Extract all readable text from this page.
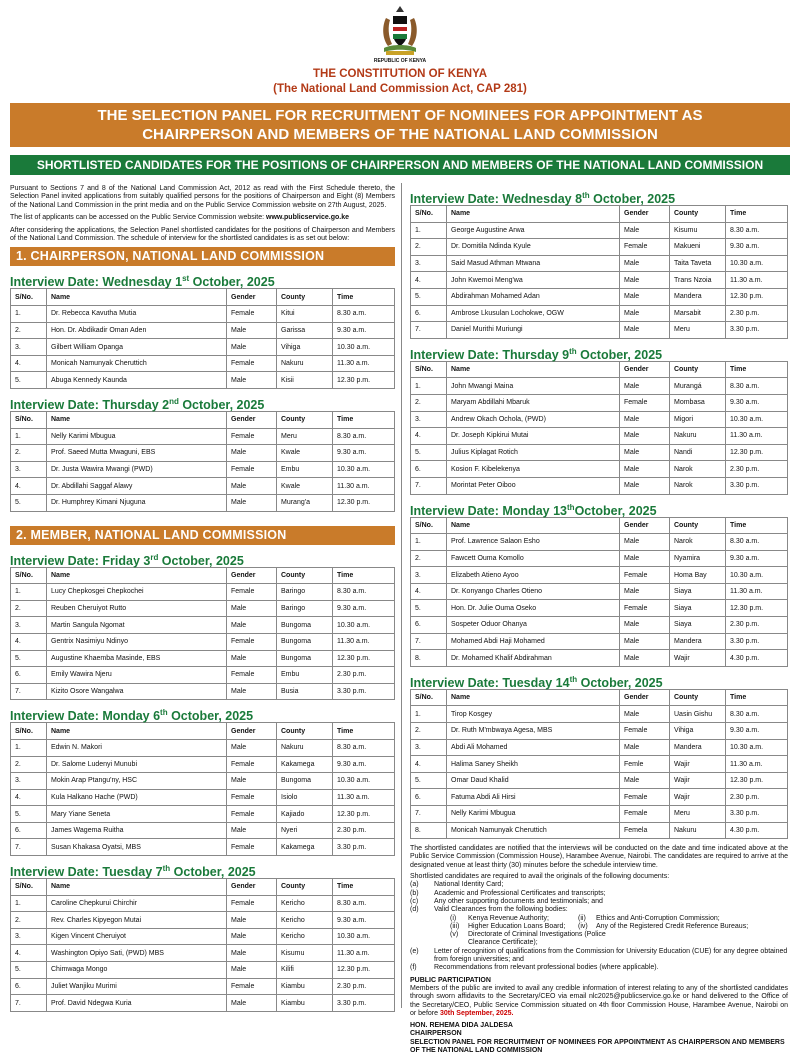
REPUBLIC OF KENYA
THE CONSTITUTION OF KENYA
(The National Land Commission Act, CAP 281)
THE SELECTION PANEL FOR RECRUITMENT OF NOMINEES FOR APPOINTMENT AS
CHAIRPERSON AND MEMBERS OF THE NATIONAL LAND COMMISSION
SHORTLISTED CANDIDATES FOR THE POSITIONS OF CHAIRPERSON AND MEMBERS OF THE NATIONAL LAND COMMISSION

Pursuant to Sections 7 and 8 of the National Land Commission Act, 2012 as read with the First Schedule thereto, the Selection Panel invited applications from suitably qualified persons for the positions of Chairperson and Eight (8) Members of the National Land Commission in the print media and on the Public Service Commission website on 27th August, 2025.

The list of applicants can be accessed on the Public Service Commission website: www.publicservice.go.ke

After considering the applications, the Selection Panel shortlisted candidates for the positions of Chairperson and Members of the National Land Commission. The schedule of interview for the shortlisted candidates is as set out below:

1. CHAIRPERSON, NATIONAL LAND COMMISSION
Interview Date: Wednesday 1st October, 2025
S/No.	Name	Gender	County	Time
1.	Dr. Rebecca Kavutha Mutia	Female	Kitui	8.30 a.m.
2.	Hon. Dr. Abdikadir Oman Aden	Male	Garissa	9.30 a.m.
3.	Gilbert William Opanga	Male	Vihiga	10.30 a.m.
4.	Monicah Namunyak Cheruttich	Female	Nakuru	11.30 a.m.
5.	Abuga Kennedy Kaunda	Male	Kisii	12.30 p.m.
Interview Date: Thursday 2nd October, 2025
S/No.	Name	Gender	County	Time
1.	Nelly Karimi Mbugua	Female	Meru	8.30 a.m.
2.	Prof. Saeed Mutta Mwaguni, EBS	Male	Kwale	9.30 a.m.
3.	Dr. Justa Wawira Mwangi (PWD)	Female	Embu	10.30 a.m.
4.	Dr. Abdillahi Saggaf Alawy	Male	Kwale	11.30 a.m.
5.	Dr. Humphrey Kimani Njuguna	Male	Murang'a	12.30 p.m.
2. MEMBER, NATIONAL LAND COMMISSION
Interview Date: Friday 3rd October, 2025
S/No.	Name	Gender	County	Time
1.	Lucy Chepkosgei Chepkochei	Female	Baringo	8.30 a.m.
2.	Reuben Cheruiyot Rutto	Male	Baringo	9.30 a.m.
3.	Martin Sangula Ngomat	Male	Bungoma	10.30 a.m.
4.	Gentrix Nasimiyu Ndinyo	Female	Bungoma	11.30 a.m.
5.	Augustine Khaemba Masinde, EBS	Male	Bungoma	12.30 p.m.
6.	Emily Wawira Njeru	Female	Embu	2.30 p.m.
7.	Kizito Osore Wangalwa	Male	Busia	3.30 p.m.
Interview Date: Monday 6th October, 2025
S/No.	Name	Gender	County	Time
1.	Edwin N. Makori	Male	Nakuru	8.30 a.m.
2.	Dr. Salome Ludenyi Munubi	Female	Kakamega	9.30 a.m.
3.	Mokin Arap Ptangu'ny, HSC	Male	Bungoma	10.30 a.m.
4.	Kula Halkano Hache (PWD)	Female	Isiolo	11.30 a.m.
5.	Mary Yiane Seneta	Female	Kajiado	12.30 p.m.
6.	James Wagema Ruitha	Male	Nyeri	2.30 p.m.
7.	Susan Khakasa Oyatsi, MBS	Female	Kakamega	3.30 p.m.
Interview Date: Tuesday 7th October, 2025
S/No.	Name	Gender	County	Time
1.	Caroline Chepkurui Chirchir	Female	Kericho	8.30 a.m.
2.	Rev. Charles Kipyegon Mutai	Male	Kericho	9.30 a.m.
3.	Kigen Vincent Cheruiyot	Male	Kericho	10.30 a.m.
4.	Washington Opiyo Sati, (PWD) MBS	Male	Kisumu	11.30 a.m.
5.	Chimwaga Mongo	Male	Kilifi	12.30 p.m.
6.	Juliet Wanjiku Murimi	Female	Kiambu	2.30 p.m.
7.	Prof. David Ndegwa Kuria	Male	Kiambu	3.30 p.m.
Interview Date: Wednesday 8th October, 2025
S/No.	Name	Gender	County	Time
1.	George Augustine Arwa	Male	Kisumu	8.30 a.m.
2.	Dr. Domitila Ndinda Kyule	Female	Makueni	9.30 a.m.
3.	Said Masud Athman Mtwana	Male	Taita Taveta	10.30 a.m.
4.	John Kwemoi Meng'wa	Male	Trans Nzoia	11.30 a.m.
5.	Abdirahman Mohamed Adan	Male	Mandera	12.30 p.m.
6.	Ambrose Lkusulan Lochokwe, OGW	Male	Marsabit	2.30 p.m.
7.	Daniel Murithi Muriungi	Male	Meru	3.30 p.m.
Interview Date: Thursday 9th October, 2025
S/No.	Name	Gender	County	Time
1.	John Mwangi Maina	Male	Murangá	8.30 a.m.
2.	Maryam Abdillahi Mbaruk	Female	Mombasa	9.30 a.m.
3.	Andrew Okach Ochola, (PWD)	Male	Migori	10.30 a.m.
4.	Dr. Joseph Kipkirui Mutai	Male	Nakuru	11.30 a.m.
5.	Julius Kiplagat Rotich	Male	Nandi	12.30 p.m.
6.	Kosion F. Kibelekenya	Male	Narok	2.30 p.m.
7.	Morintat Peter Oiboo	Male	Narok	3.30 p.m.
Interview Date: Monday 13thOctober, 2025
S/No.	Name	Gender	County	Time
1.	Prof. Lawrence Salaon Esho	Male	Narok	8.30 a.m.
2.	Fawcett Ouma Komollo	Male	Nyamira	9.30 a.m.
3.	Elizabeth Atieno Ayoo	Female	Homa Bay	10.30 a.m.
4.	Dr. Konyango Charles Otieno	Male	Siaya	11.30 a.m.
5.	Hon. Dr. Julie Ouma Oseko	Female	Siaya	12.30 p.m.
6.	Sospeter Oduor Ohanya	Male	Siaya	2.30 p.m.
7.	Mohamed Abdi Haji Mohamed	Male	Mandera	3.30 p.m.
8.	Dr. Mohamed Khalif Abdirahman	Male	Wajir	4.30 p.m.
Interview Date: Tuesday 14th October, 2025
S/No.	Name	Gender	County	Time
1.	Tirop Kosgey	Male	Uasin Gishu	8.30 a.m.
2.	Dr. Ruth M'mbwaya Agesa, MBS	Female	Vihiga	9.30 a.m.
3.	Abdi Ali Mohamed	Male	Mandera	10.30 a.m.
4.	Halima Saney Sheikh	Femle	Wajir	11.30 a.m.
5.	Omar Daud Khalid	Male	Wajir	12.30 p.m.
6.	Fatuma Abdi Ali Hirsi	Female	Wajir	2.30 p.m.
7.	Nelly Karimi Mbugua	Female	Meru	3.30 p.m.
8.	Monicah Namunyak Cheruttich	Femela	Nakuru	4.30 p.m.

The shortlisted candidates are notified that the interviews will be conducted on the date and time indicated above at the Public Service Commission (Commission House), Harambee Avenue, Nairobi. The candidates are required to arrive at the designated venue at least thirty (30) minutes before the schedule interview time.

Shortlisted candidates are required to avail the originals of the following documents:

(a)	National Identity Card;
(b)	Academic and Professional Certificates and transcripts;
(c)	Any other supporting documents and testimonials; and
(d)	Valid Clearances from the following bodies:
(i)	Kenya Revenue Authority;	(ii)	Ethics and Anti-Corruption Commission;
(iii)	Higher Education Loans Board;	(iv)	Any of the Registered Credit Reference Bureaus;
(v)	Directorate of Criminal Investigations (Police Clearance Certificate);
(e)	Letter of recognition of qualifications from the Commission for University Education (CUE) for any degree obtained from foreign universities; and
(f)	Recommendations from relevant professional bodies (where applicable).
PUBLIC PARTICIPATION

Members of the public are invited to avail any credible information of interest relating to any of the shortlisted candidates through sworn affidavits to the Secretary/CEO via email nlc2025@publicservice.go.ke or hand delivered to the Office of the Secretary/CEO, Public Service Commission situated on 4th floor Commission House, Harambee Avenue, Nairobi on or before 30th September, 2025.

HON. REHEMA DIDA JALDESA
CHAIRPERSON
SELECTION PANEL FOR RECRUITMENT OF NOMINEES FOR APPOINTMENT AS CHAIRPERSON AND MEMBERS OF THE NATIONAL LAND COMMISSION
